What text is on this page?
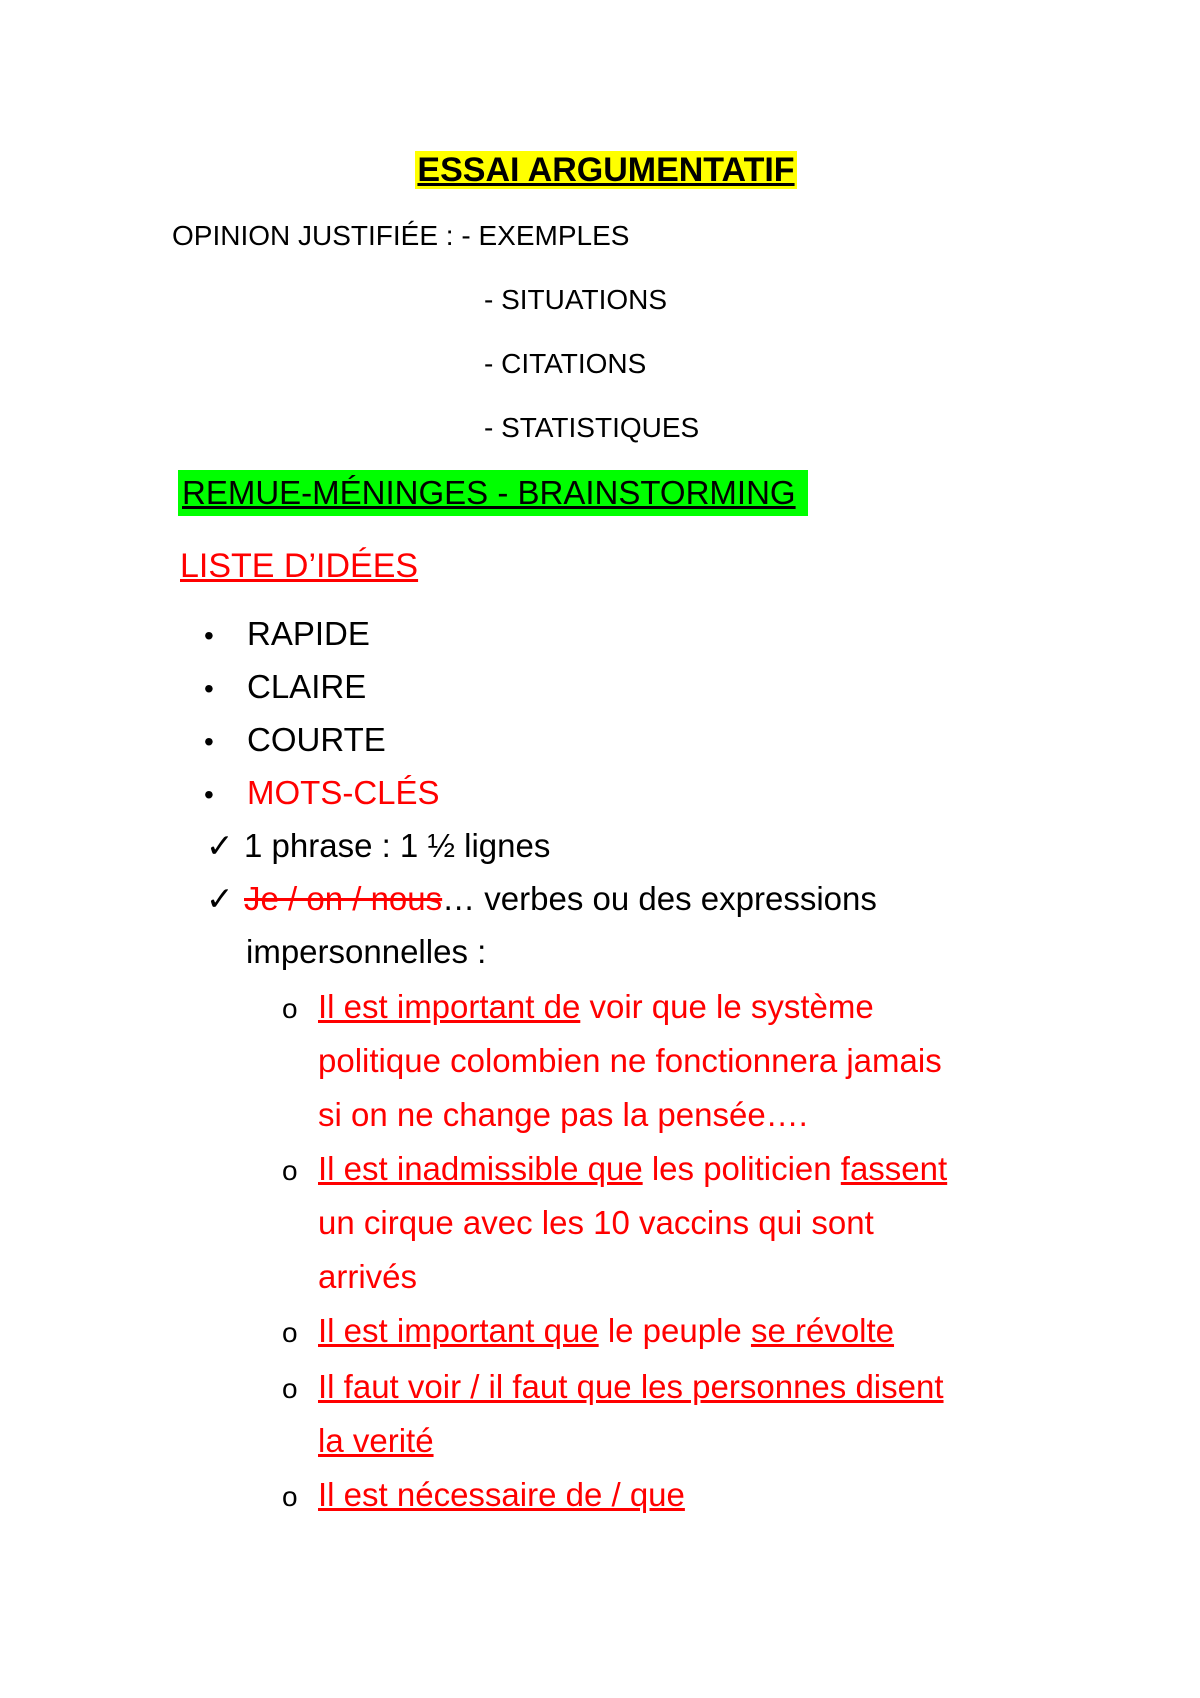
ESSAI ARGUMENTATIF
OPINION JUSTIFIÉE : - EXEMPLES
- SITUATIONS
- CITATIONS
- STATISTIQUES
REMUE-MÉNINGES - BRAINSTORMING
LISTE D’IDÉES
• RAPIDE
• CLAIRE
• COURTE
• MOTS-CLÉS
✓ 1 phrase : 1 ½ lignes
✓ Je / on / nous… verbes ou des expressions
impersonnelles :
o Il est important de voir que le système
politique colombien ne fonctionnera jamais
si on ne change pas la pensée….
o Il est inadmissible que les politicien fassent
un cirque avec les 10 vaccins qui sont
arrivés
o Il est important que le peuple se révolte
o Il faut voir / il faut que les personnes disent
la verité
o Il est nécessaire de / que
